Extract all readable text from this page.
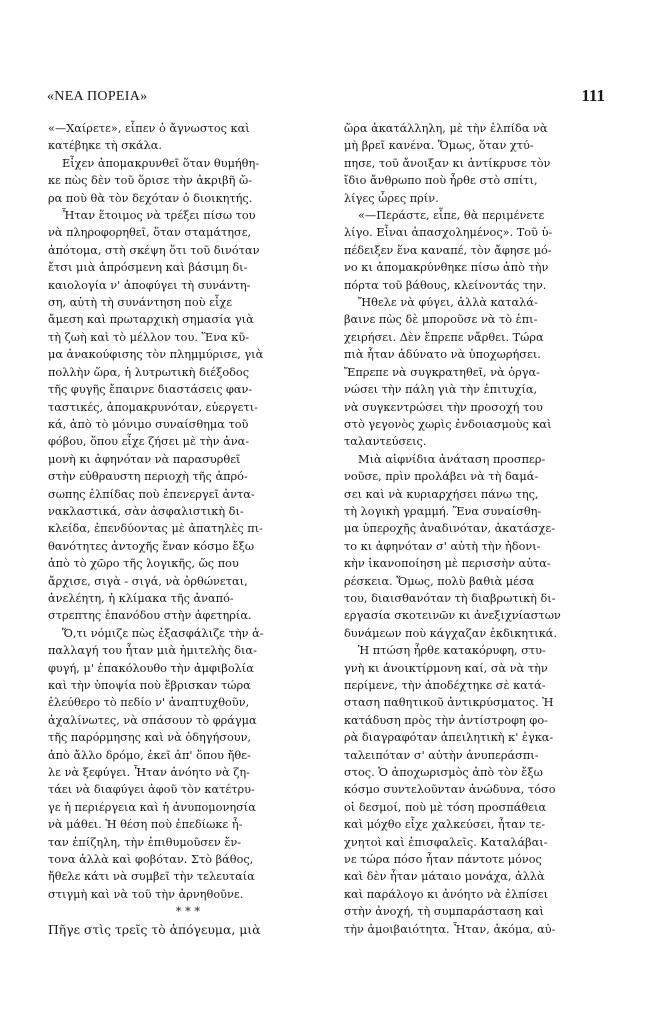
«ΝΕΑ ΠΟΡΕΙΑ»	111
«—Χαίρετε», εἶπεν ὁ ἄγνωστος καὶ
κατέβηκε τὴ σκάλα.
Εἶχεν ἀπομακρυνθεῖ ὅταν θυμήθη-
κε πὼς δὲν τοῦ ὅρισε τὴν ἀκριβῆ ὥ-
ρα ποὺ θὰ τὸν δεχόταν ὁ διοικητής.
Ἦταν ἕτοιμος νὰ τρέξει πίσω του
νὰ πληροφορηθεῖ, ὅταν σταμάτησε,
ἀπότομα, στὴ σκέψη ὅτι τοῦ δινόταν
ἔτσι μιὰ ἀπρόσμενη καὶ βάσιμη δι-
καιολογία ν' ἀποφύγει τὴ συνάντη-
ση, αὐτὴ τὴ συνάντηση ποὺ εἶχε
ἄμεση καὶ πρωταρχικὴ σημασία γιὰ
τὴ ζωὴ καὶ τὸ μέλλον του. Ἕνα κῦ-
μα ἀνακούφισης τὸν πλημμύρισε, γιὰ
πολλὴν ὥρα, ἡ λυτρωτικὴ διέξοδος
τῆς φυγῆς ἔπαιρνε διαστάσεις φαν-
ταστικές, ἀπομακρυνόταν, εὐεργετι-
κά, ἀπὸ τὸ μόνιμο συναίσθημα τοῦ
φόβου, ὅπου εἶχε ζήσει μὲ τὴν ἀνα-
μονὴ κι ἀφηνόταν νὰ παρασυρθεῖ
στὴν εὐθραυστη περιοχὴ τῆς ἀπρό-
σωπης ἐλπίδας ποὺ ἐπενεργεῖ ἀντα-
νακλαστικά, σὰν ἀσφαλιστικὴ δι-
κλείδα, ἐπενδύοντας μὲ ἀπατηλὲς πι-
θανότητες ἀντοχῆς ἕναν κόσμο ἔξω
ἀπὸ τὸ χῶρο τῆς λογικῆς, ὥς που
ἄρχισε, σιγὰ - σιγά, νὰ ὀρθώνεται,
ἀνελέητη, ἡ κλίμακα τῆς ἀναπό-
στρεπτης ἐπανόδου στὴν ἀφετηρία.
Ὅ,τι νόμιζε πὼς ἐξασφάλιζε τὴν ἀ-
παλλαγή του ἦταν μιὰ ἡμιτελὴς δια-
φυγή, μ' ἐπακόλουθο τὴν ἀμφιβολία
καὶ τὴν ὑποψία ποὺ ἔβρισκαν τώρα
ἐλεύθερο τὸ πεδίο ν' ἀναπτυχθοῦν,
ἀχαλίνωτες, νὰ σπάσουν τὸ φράγμα
τῆς παρόρμησης καὶ νὰ ὁδηγήσουν,
ἀπὸ ἄλλο δρόμο, ἐκεῖ ἀπ' ὅπου ἤθε-
λε νὰ ξεφύγει. Ἦταν ἀνόητο νὰ ζη-
τάει νὰ διαφύγει ἀφοῦ τὸν κατέτρυ-
γε ἡ περιέργεια καὶ ἡ ἀνυπομονησία
νὰ μάθει. Ἡ θέση ποὺ ἐπεδίωκε ἦ-
ταν ἐπίζηλη, τὴν ἐπιθυμοῦσεν ἔν-
τονα ἀλλὰ καὶ φοβόταν. Στὸ βάθος,
ἤθελε κάτι νὰ συμβεῖ τὴν τελευταία
στιγμὴ καὶ νὰ τοῦ τὴν ἀρνηθοῦνε.
* * *
Πῆγε στὶς τρεῖς τὸ ἀπόγευμα, μιὰ
ὥρα ἀκατάλληλη, μὲ τὴν ἐλπίδα νὰ
μὴ βρεῖ κανένα. Ὅμως, ὅταν χτύ-
πησε, τοῦ ἄνοιξαν κι ἀντίκρυσε τὸν
ἴδιο ἄνθρωπο ποὺ ἦρθε στὸ σπίτι,
λίγες ὧρες πρίν.
«—Περάστε, εἶπε, θὰ περιμένετε
λίγο. Εἶναι ἀπασχολημένος». Τοῦ ὑ-
πέδειξεν ἕνα καναπέ, τὸν ἄφησε μό-
νο κι ἀπομακρύνθηκε πίσω ἀπὸ τὴν
πόρτα τοῦ βάθους, κλείνοντάς την.
Ἤθελε νὰ φύγει, ἀλλὰ καταλά-
βαινε πὼς δὲ μποροῦσε νὰ τὸ ἐπι-
χειρήσει. Δὲν ἔπρεπε νἄρθει. Τώρα
πιὰ ἦταν ἀδύνατο νὰ ὑποχωρήσει.
Ἔπρεπε νὰ συγκρατηθεῖ, νὰ ὀργα-
νώσει τὴν πάλη γιὰ τὴν ἐπιτυχία,
νὰ συγκεντρώσει τὴν προσοχή του
στὸ γεγονὸς χωρὶς ἐνδοιασμοὺς καὶ
ταλαντεύσεις.
Μιὰ αἰφνίδια ἀνάταση προσπερ-
νοῦσε, πρὶν προλάβει νὰ τὴ δαμά-
σει καὶ νὰ κυριαρχήσει πάνω της,
τὴ λογικὴ γραμμή. Ἕνα συναίσθη-
μα ὑπεροχῆς ἀναδινόταν, ἀκατάσχε-
το κι ἀφηνόταν σ' αὐτὴ τὴν ἡδονι-
κὴν ἱκανοποίηση μὲ περισσὴν αὐτα-
ρέσκεια. Ὅμως, πολὺ βαθιὰ μέσα
του, διαισθανόταν τὴ διαβρωτικὴ δι-
εργασία σκοτεινῶν κι ἀνεξιχνίαστων
δυνάμεων ποὺ κάγχαζαν ἐκδικητικά.
Ἡ πτώση ἦρθε κατακόρυφη, στυ-
γνὴ κι ἀνοικτίρμονη καί, σὰ νὰ τὴν
περίμενε, τὴν ἀποδέχτηκε σὲ κατά-
σταση παθητικοῦ ἀντικρύσματος. Ἡ
κατάδυση πρὸς τὴν ἀντίστροφη φο-
ρὰ διαγραφόταν ἀπειλητικὴ κ' ἐγκα-
ταλειπόταν σ' αὐτὴν ἀνυπεράσπι-
στος. Ὁ ἀποχωρισμὸς ἀπὸ τὸν ἔξω
κόσμο συντελοῦνταν ἀνώδυνα, τόσο
οἱ δεσμοί, ποὺ μὲ τόση προσπάθεια
καὶ μόχθο εἶχε χαλκεύσει, ἦταν τε-
χνητοὶ καὶ ἐπισφαλεῖς. Καταλάβαι-
νε τώρα πόσο ἦταν πάντοτε μόνος
καὶ δὲν ἦταν μάταιο μονάχα, ἀλλὰ
καὶ παράλογο κι ἀνόητο νὰ ἐλπίσει
στὴν ἀνοχή, τὴ συμπαράσταση καὶ
τὴν ἀμοιβαιότητα. Ἦταν, ἀκόμα, αὐ-
